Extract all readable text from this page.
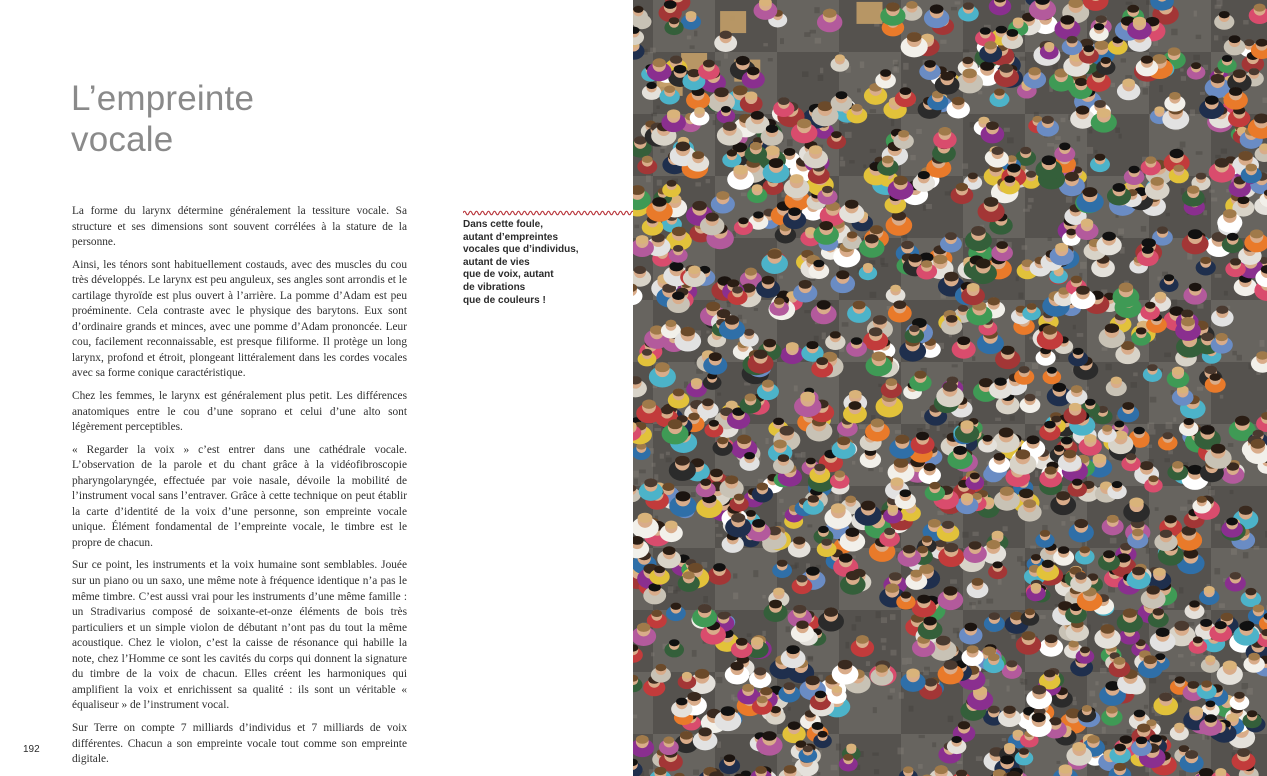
L’empreinte
vocale

La forme du larynx détermine généralement la tessiture vocale. Sa structure et ses dimensions sont souvent corrélées à la stature de la personne.

Ainsi, les ténors sont habituellement costauds, avec des muscles du cou très développés. Le larynx est peu anguleux, ses angles sont arrondis et le cartilage thyroïde est plus ouvert à l’arrière. La pomme d’Adam est peu proéminente. Cela contraste avec le physique des barytons. Eux sont d’ordinaire grands et minces, avec une pomme d’Adam prononcée. Leur cou, facilement reconnaissable, est presque filiforme. Il protège un long larynx, profond et étroit, plongeant littéralement dans les cordes vocales avec sa forme conique caractéristique.

Chez les femmes, le larynx est généralement plus petit. Les différences anatomiques entre le cou d’une soprano et celui d’une alto sont légèrement perceptibles.

« Regarder la voix » c’est entrer dans une cathédrale vocale. L’observation de la parole et du chant grâce à la vidéofibroscopie pharyngolaryngée, effectuée par voie nasale, dévoile la mobilité de l’instrument vocal sans l’entraver. Grâce à cette technique on peut établir la carte d’identité de la voix d’une personne, son empreinte vocale unique. Élément fondamental de l’empreinte vocale, le timbre est le propre de chacun.

Sur ce point, les instruments et la voix humaine sont semblables. Jouée sur un piano ou un saxo, une même note à fréquence identique n’a pas le même timbre. C’est aussi vrai pour les instruments d’une même famille : un Stradivarius composé de soixante-et-onze éléments de bois très particuliers et un simple violon de débutant n’ont pas du tout la même acoustique. Chez le violon, c’est la caisse de résonance qui habille la note, chez l’Homme ce sont les cavités du corps qui donnent la signature du timbre de la voix de chacun. Elles créent les harmoniques qui amplifient la voix et enrichissent sa qualité : ils sont un véritable « équaliseur » de l’instrument vocal.

Sur Terre on compte 7 milliards d’individus et 7 milliards de voix différentes. Chacun a son empreinte vocale tout comme son empreinte digitale.

Dans cette foule,
autant d’empreintes
vocales que d’individus,
autant de vies
que de voix, autant
de vibrations
que de couleurs !
192
